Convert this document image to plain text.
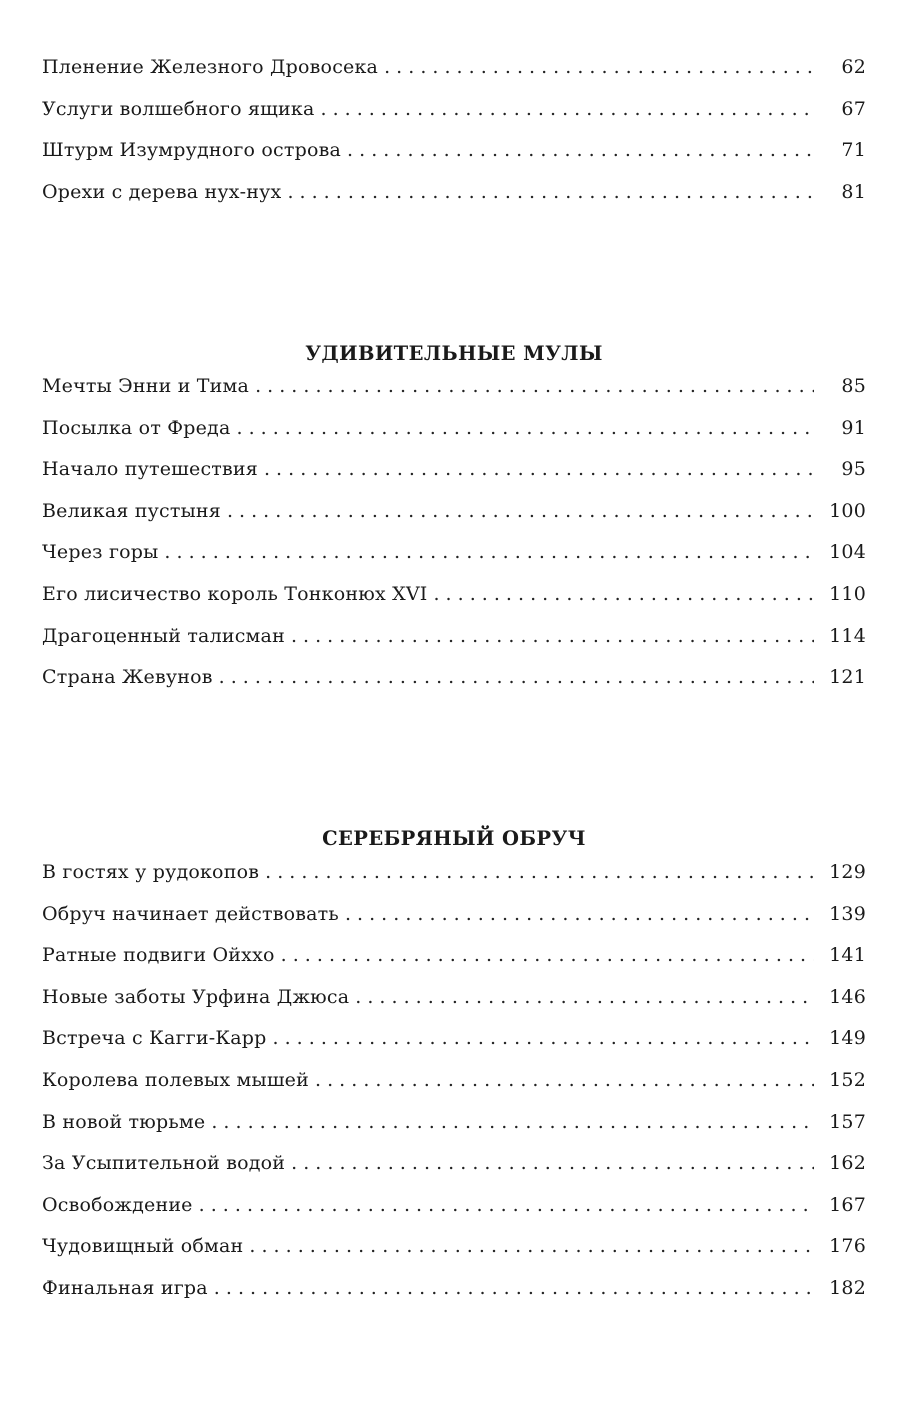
Пленение Железного Дровосека . . .	62
Услуги волшебного ящика . . .	67
Штурм Изумрудного острова . . .	71
Орехи с дерева нух-нух . . .	81
УДИВИТЕЛЬНЫЕ МУЛЫ
Мечты Энни и Тима . . .	85
Посылка от Фреда . . .	91
Начало путешествия . . .	95
Великая пустыня . . .	100
Через горы . . .	104
Его лисичество король Тонконюх XVI . . .	110
Драгоценный талисман . . .	114
Страна Жевунов . . .	121
СЕРЕБРЯНЫЙ ОБРУЧ
В гостях у рудокопов . . .	129
Обруч начинает действовать . . .	139
Ратные подвиги Ойххо . . .	141
Новые заботы Урфина Джюса . . .	146
Встреча с Кагги-Карр . . .	149
Королева полевых мышей . . .	152
В новой тюрьме . . .	157
За Усыпительной водой . . .	162
Освобождение . . .	167
Чудовищный обман . . .	176
Финальная игра . . .	182
